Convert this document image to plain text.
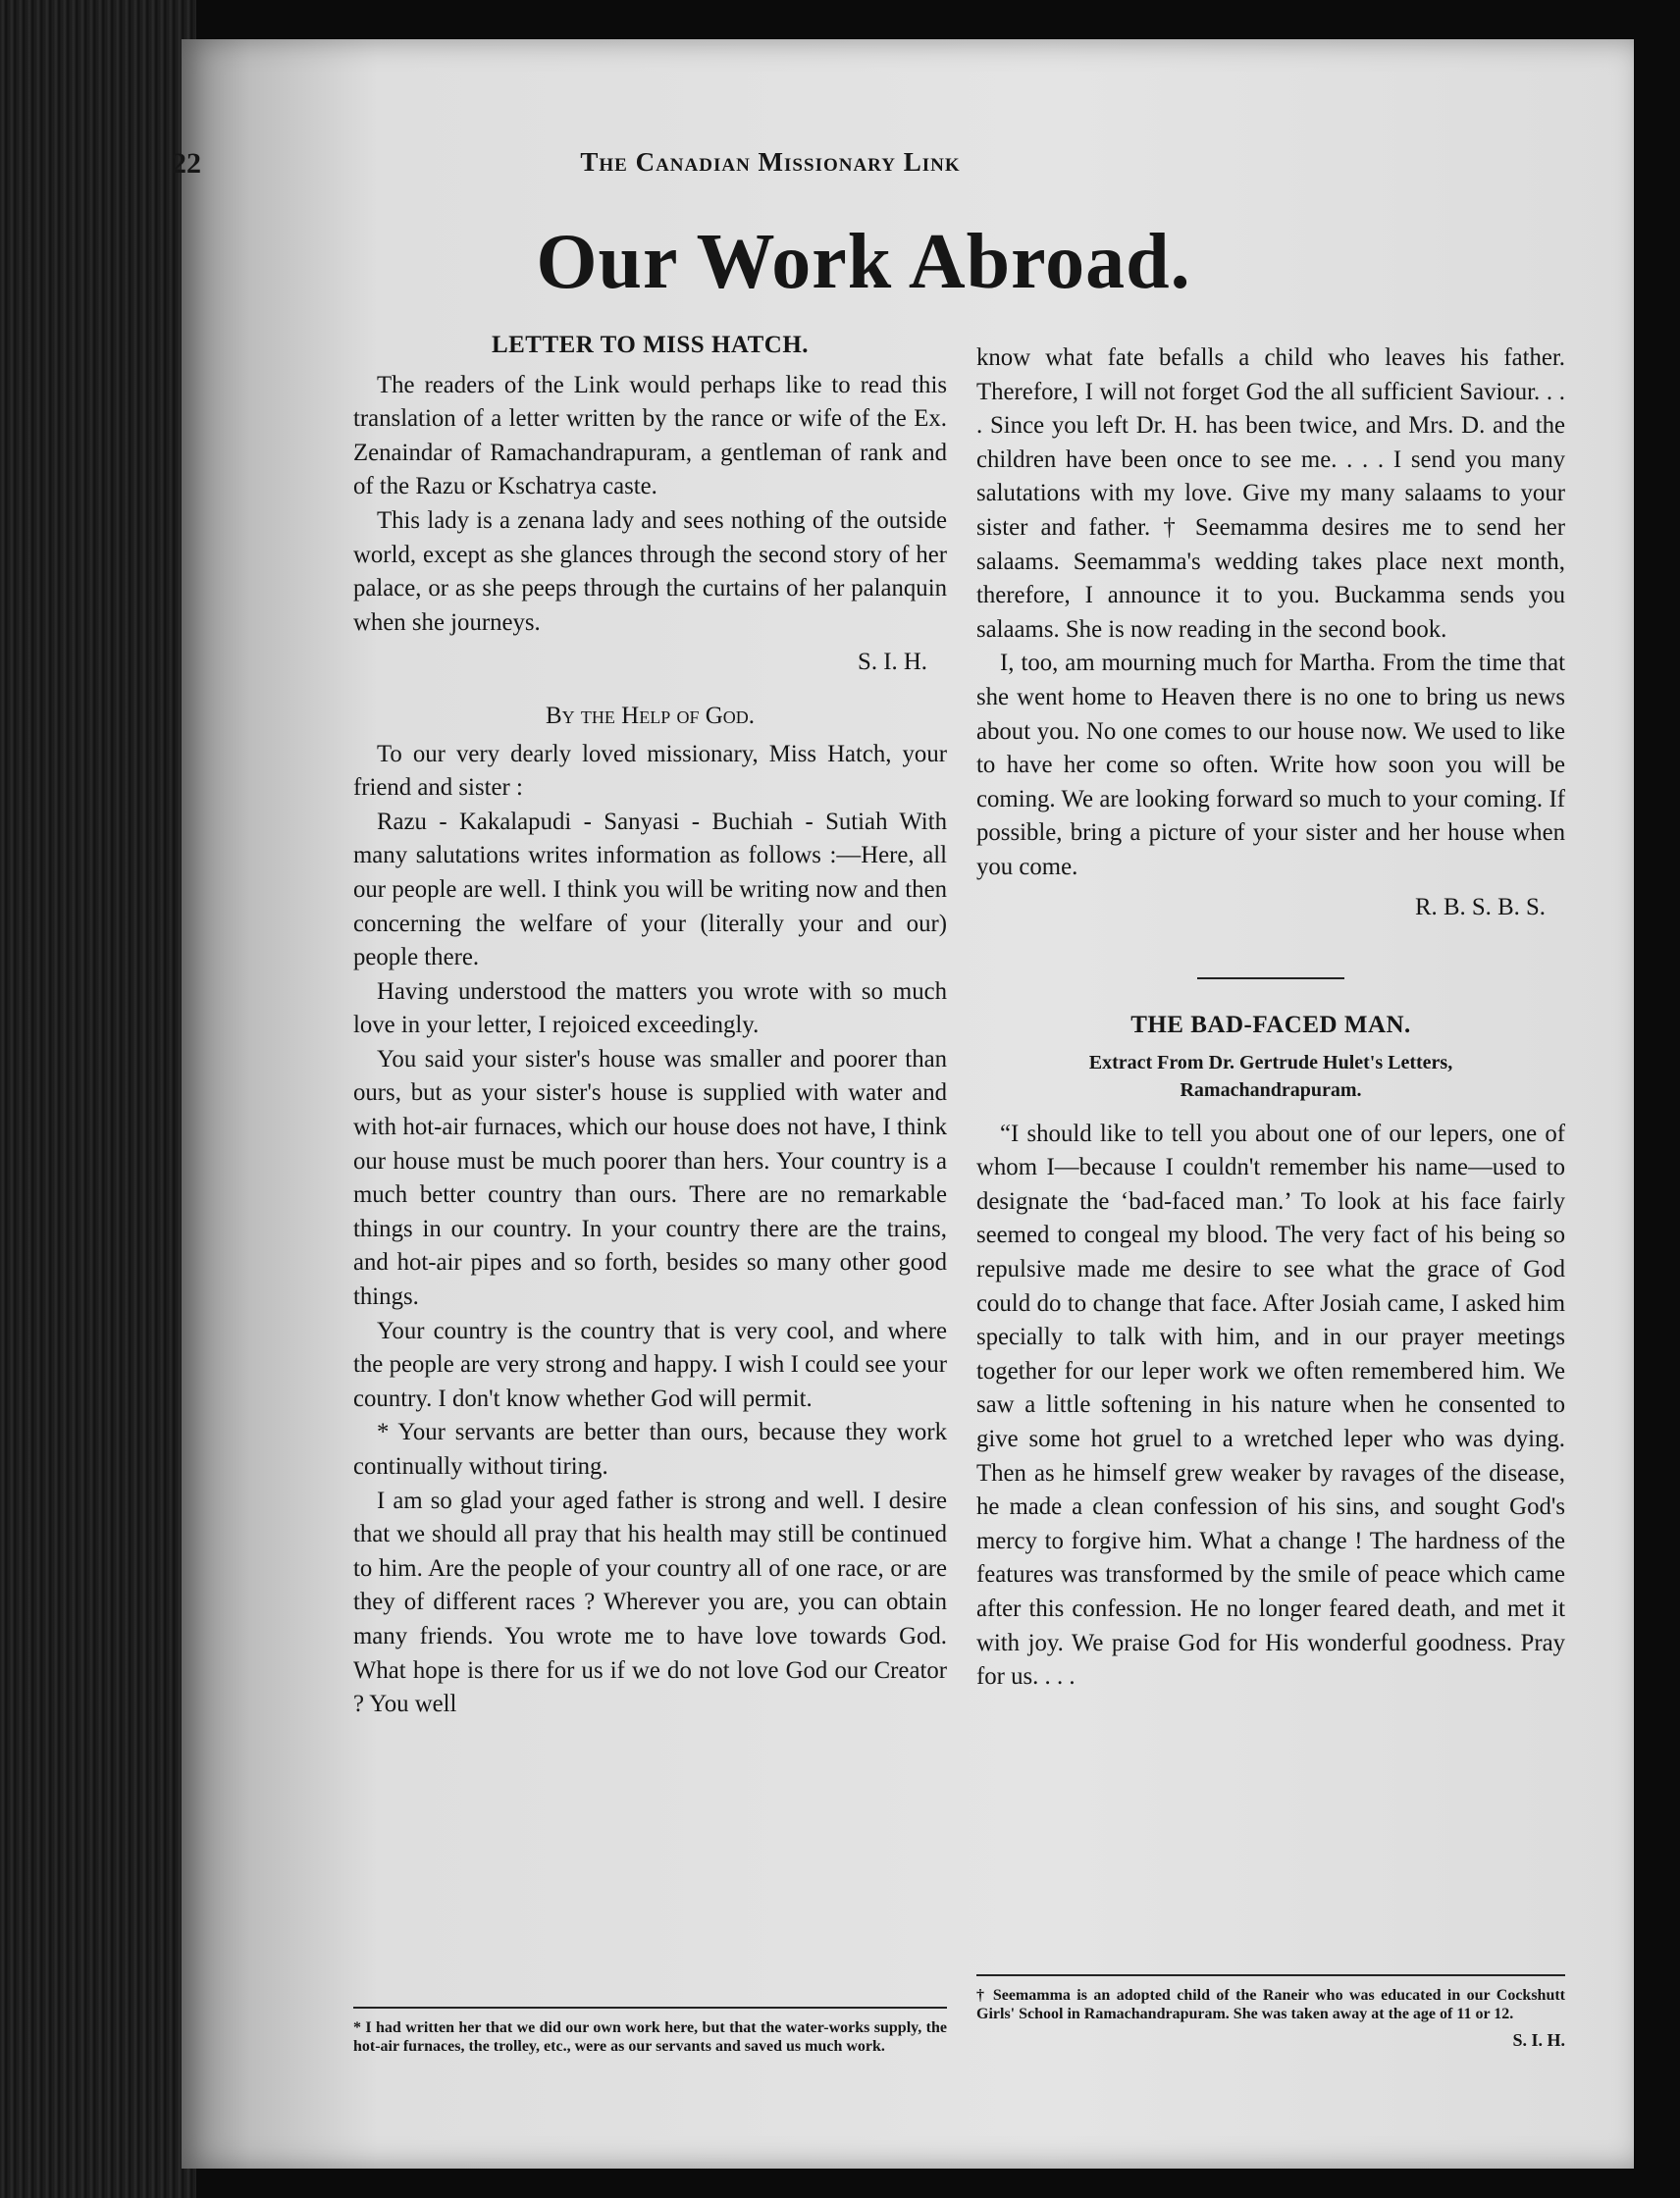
22	The Canadian Missionary Link
Our Work Abroad.
LETTER TO MISS HATCH.

The readers of the Link would perhaps like to read this translation of a letter written by the rance or wife of the Ex. Zenaindar of Ramachandrapuram, a gentleman of rank and of the Razu or Kschatrya caste.

This lady is a zenana lady and sees nothing of the outside world, except as she glances through the second story of her palace, or as she peeps through the curtains of her palanquin when she journeys.

S. I. H.
By the Help of God.

To our very dearly loved missionary, Miss Hatch, your friend and sister :

Razu - Kakalapudi - Sanyasi - Buchiah - Sutiah With many salutations writes information as follows :—Here, all our people are well. I think you will be writing now and then concerning the welfare of your (literally your and our) people there.

Having understood the matters you wrote with so much love in your letter, I rejoiced exceedingly.

You said your sister's house was smaller and poorer than ours, but as your sister's house is supplied with water and with hot-air furnaces, which our house does not have, I think our house must be much poorer than hers. Your country is a much better country than ours. There are no remarkable things in our country. In your country there are the trains, and hot-air pipes and so forth, besides so many other good things.

Your country is the country that is very cool, and where the people are very strong and happy. I wish I could see your country. I don't know whether God will permit.

* Your servants are better than ours, because they work continually without tiring.

I am so glad your aged father is strong and well. I desire that we should all pray that his health may still be continued to him. Are the people of your country all of one race, or are they of different races ? Wherever you are, you can obtain many friends. You wrote me to have love towards God. What hope is there for us if we do not love God our Creator ? You well

know what fate befalls a child who leaves his father. Therefore, I will not forget God the all sufficient Saviour. . . . Since you left Dr. H. has been twice, and Mrs. D. and the children have been once to see me. . . . I send you many salutations with my love. Give my many salaams to your sister and father. † Seemamma desires me to send her salaams. Seemamma's wedding takes place next month, therefore, I announce it to you. Buckamma sends you salaams. She is now reading in the second book.

I, too, am mourning much for Martha. From the time that she went home to Heaven there is no one to bring us news about you. No one comes to our house now. We used to like to have her come so often. Write how soon you will be coming. We are looking forward so much to your coming. If possible, bring a picture of your sister and her house when you come.

R. B. S. B. S.
THE BAD-FACED MAN.
Extract From Dr. Gertrude Hulet's Letters,
Ramachandrapuram.

“I should like to tell you about one of our lepers, one of whom I—because I couldn't remember his name—used to designate the ‘bad-faced man.’ To look at his face fairly seemed to congeal my blood. The very fact of his being so repulsive made me desire to see what the grace of God could do to change that face. After Josiah came, I asked him specially to talk with him, and in our prayer meetings together for our leper work we often remembered him. We saw a little softening in his nature when he consented to give some hot gruel to a wretched leper who was dying. Then as he himself grew weaker by ravages of the disease, he made a clean confession of his sins, and sought God's mercy to forgive him. What a change ! The hardness of the features was transformed by the smile of peace which came after this confession. He no longer feared death, and met it with joy. We praise God for His wonderful goodness. Pray for us. . . .

* I had written her that we did our own work here, but that the water-works supply, the hot-air furnaces, the trolley, etc., were as our servants and saved us much work.
† Seemamma is an adopted child of the Raneir who was educated in our Cockshutt Girls' School in Ramachandrapuram. She was taken away at the age of 11 or 12.
S. I. H.
